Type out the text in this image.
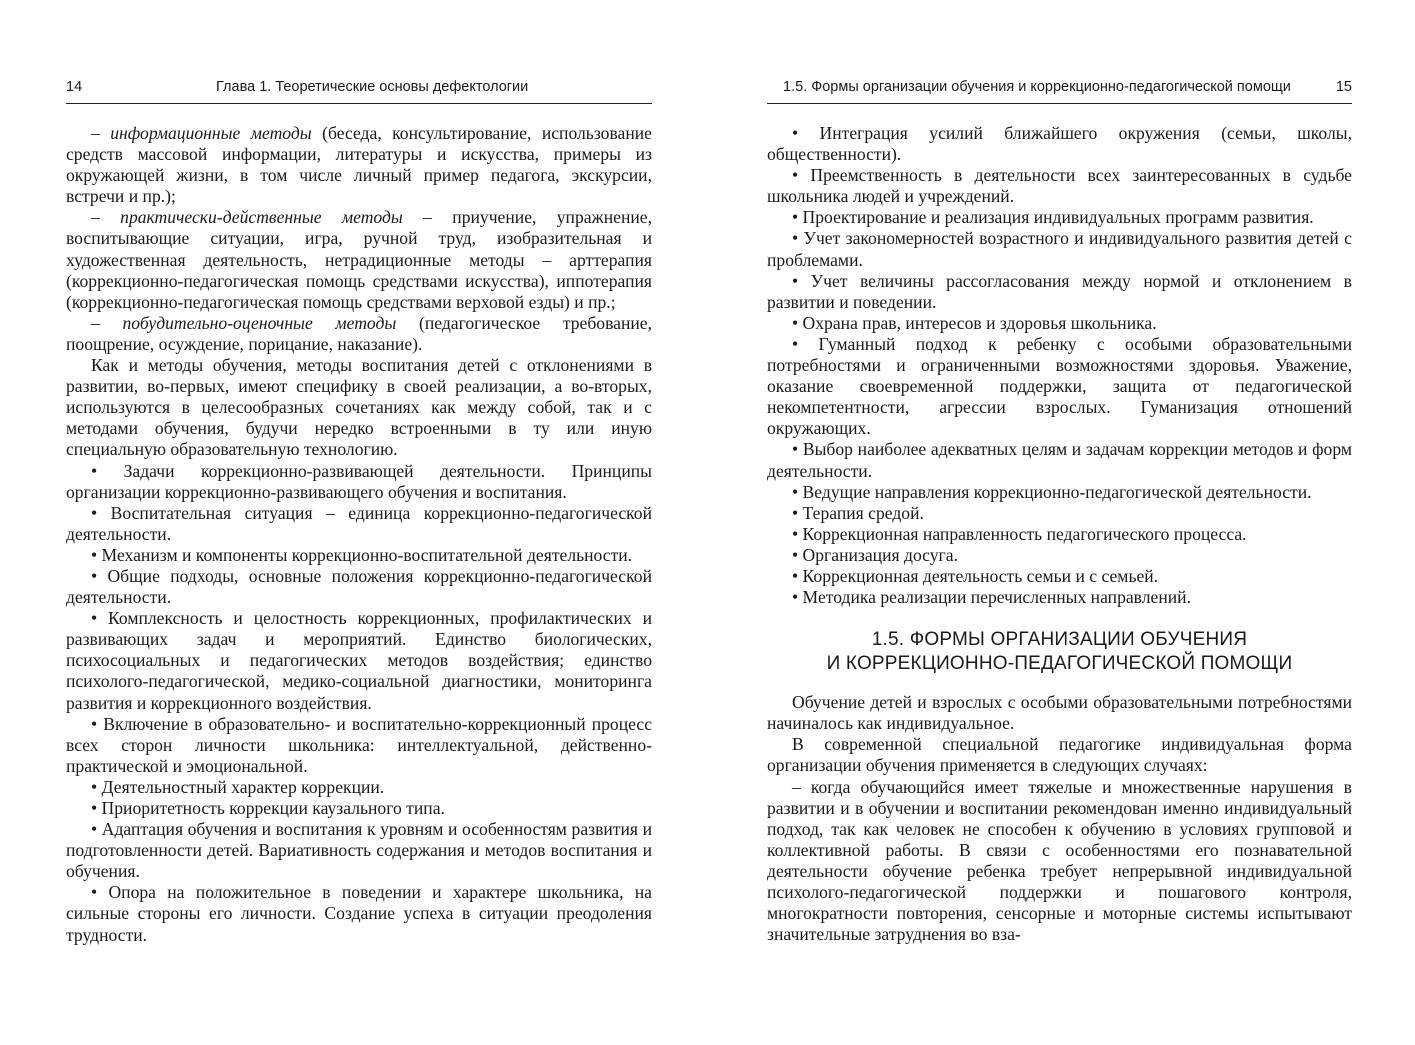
14	Глава 1. Теоретические основы дефектологии

– информационные методы (беседа, консультирование, использование средств массовой информации, литературы и искусства, примеры из окружающей жизни, в том числе личный пример педагога, экскурсии, встречи и пр.);

– практически-действенные методы – приучение, упражнение, воспитывающие ситуации, игра, ручной труд, изобразительная и художественная деятельность, нетрадиционные методы – арттерапия (коррекционно-педагогическая помощь средствами искусства), иппотерапия (коррекционно-педагогическая помощь средствами верховой езды) и пр.;

– побудительно-оценочные методы (педагогическое требование, поощрение, осуждение, порицание, наказание).

Как и методы обучения, методы воспитания детей с отклонениями в развитии, во-первых, имеют специфику в своей реализации, а во-вторых, используются в целесообразных сочетаниях как между собой, так и с методами обучения, будучи нередко встроенными в ту или иную специальную образовательную технологию.

• Задачи коррекционно-развивающей деятельности. Принципы организации коррекционно-развивающего обучения и воспитания.

• Воспитательная ситуация – единица коррекционно-педагогической деятельности.

• Механизм и компоненты коррекционно-воспитательной деятельности.

• Общие подходы, основные положения коррекционно-педагогической деятельности.

• Комплексность и целостность коррекционных, профилактических и развивающих задач и мероприятий. Единство биологических, психосоциальных и педагогических методов воздействия; единство психолого-педагогической, медико-социальной диагностики, мониторинга развития и коррекционного воздействия.

• Включение в образовательно- и воспитательно-коррекционный процесс всех сторон личности школьника: интеллектуальной, действенно-практической и эмоциональной.

• Деятельностный характер коррекции.

• Приоритетность коррекции каузального типа.

• Адаптация обучения и воспитания к уровням и особенностям развития и подготовленности детей. Вариативность содержания и методов воспитания и обучения.

• Опора на положительное в поведении и характере школьника, на сильные стороны его личности. Создание успеха в ситуации преодоления трудности.

1.5. Формы организации обучения и коррекционно-педагогической помощи	15

• Интеграция усилий ближайшего окружения (семьи, школы, общественности).

• Преемственность в деятельности всех заинтересованных в судьбе школьника людей и учреждений.

• Проектирование и реализация индивидуальных программ развития.

• Учет закономерностей возрастного и индивидуального развития детей с проблемами.

• Учет величины рассогласования между нормой и отклонением в развитии и поведении.

• Охрана прав, интересов и здоровья школьника.

• Гуманный подход к ребенку с особыми образовательными потребностями и ограниченными возможностями здоровья. Уважение, оказание своевременной поддержки, защита от педагогической некомпетентности, агрессии взрослых. Гуманизация отношений окружающих.

• Выбор наиболее адекватных целям и задачам коррекции методов и форм деятельности.

• Ведущие направления коррекционно-педагогической деятельности.

• Терапия средой.

• Коррекционная направленность педагогического процесса.

• Организация досуга.

• Коррекционная деятельность семьи и с семьей.

• Методика реализации перечисленных направлений.

1.5. ФОРМЫ ОРГАНИЗАЦИИ ОБУЧЕНИЯ
И КОРРЕКЦИОННО-ПЕДАГОГИЧЕСКОЙ ПОМОЩИ

Обучение детей и взрослых с особыми образовательными потребностями начиналось как индивидуальное.

В современной специальной педагогике индивидуальная форма организации обучения применяется в следующих случаях:

– когда обучающийся имеет тяжелые и множественные нарушения в развитии и в обучении и воспитании рекомендован именно индивидуальный подход, так как человек не способен к обучению в условиях групповой и коллективной работы. В связи с особенностями его познавательной деятельности обучение ребенка требует непрерывной индивидуальной психолого-педагогической поддержки и пошагового контроля, многократности повторения, сенсорные и моторные системы испытывают значительные затруднения во вза-
